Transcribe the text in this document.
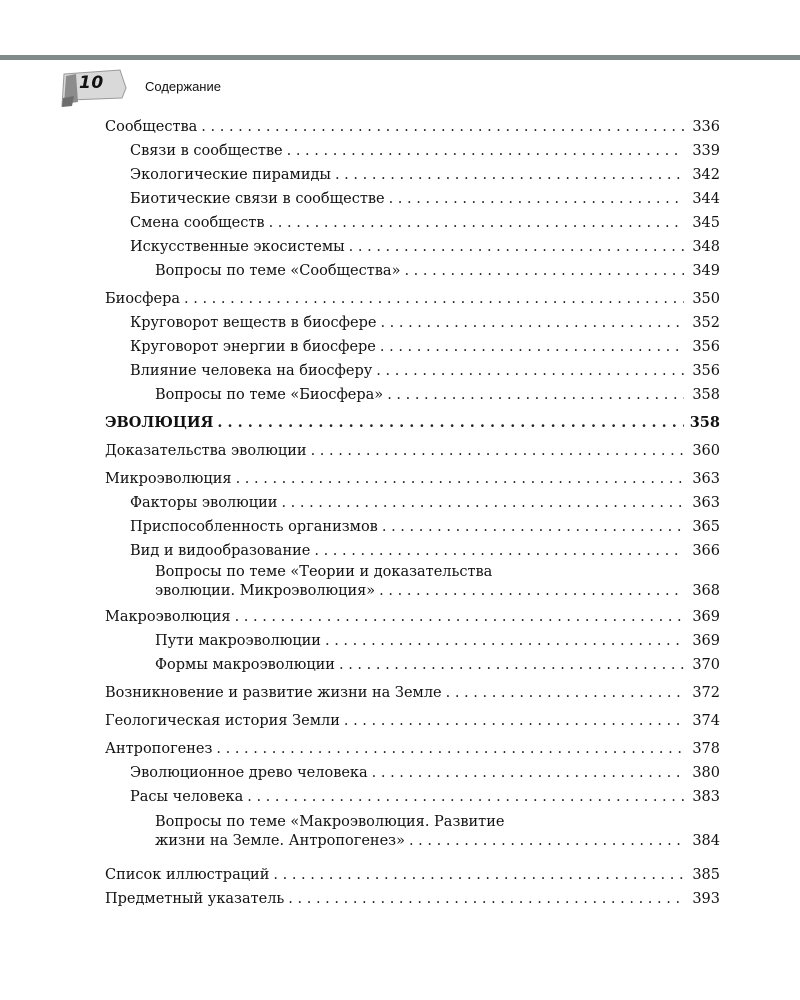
10	Содержание
Сообщества . . .	336
Связи в сообществе . . .	339
Экологические пирамиды . . .	342
Биотические связи в сообществе . . .	344
Смена сообществ . . .	345
Искусственные экосистемы . . .	348
Вопросы по теме «Сообщества» . . .	349
Биосфера . . .	350
Круговорот веществ в биосфере . . .	352
Круговорот энергии в биосфере . . .	356
Влияние человека на биосферу . . .	356
Вопросы по теме «Биосфера» . . .	358
ЭВОЛЮЦИЯ . . .	358
Доказательства эволюции . . .	360
Микроэволюция . . .	363
Факторы эволюции . . .	363
Приспособленность организмов . . .	365
Вид и видообразование . . .	366
Вопросы по теме «Теории и доказательства
эволюции. Микроэволюция» . . .	368
Макроэволюция . . .	369
Пути макроэволюции . . .	369
Формы макроэволюции . . .	370
Возникновение и развитие жизни на Земле . . .	372
Геологическая история Земли . . .	374
Антропогенез . . .	378
Эволюционное древо человека . . .	380
Расы человека . . .	383
Вопросы по теме «Макроэволюция. Развитие
жизни на Земле. Антропогенез» . . .	384
Список иллюстраций . . .	385
Предметный указатель . . .	393
